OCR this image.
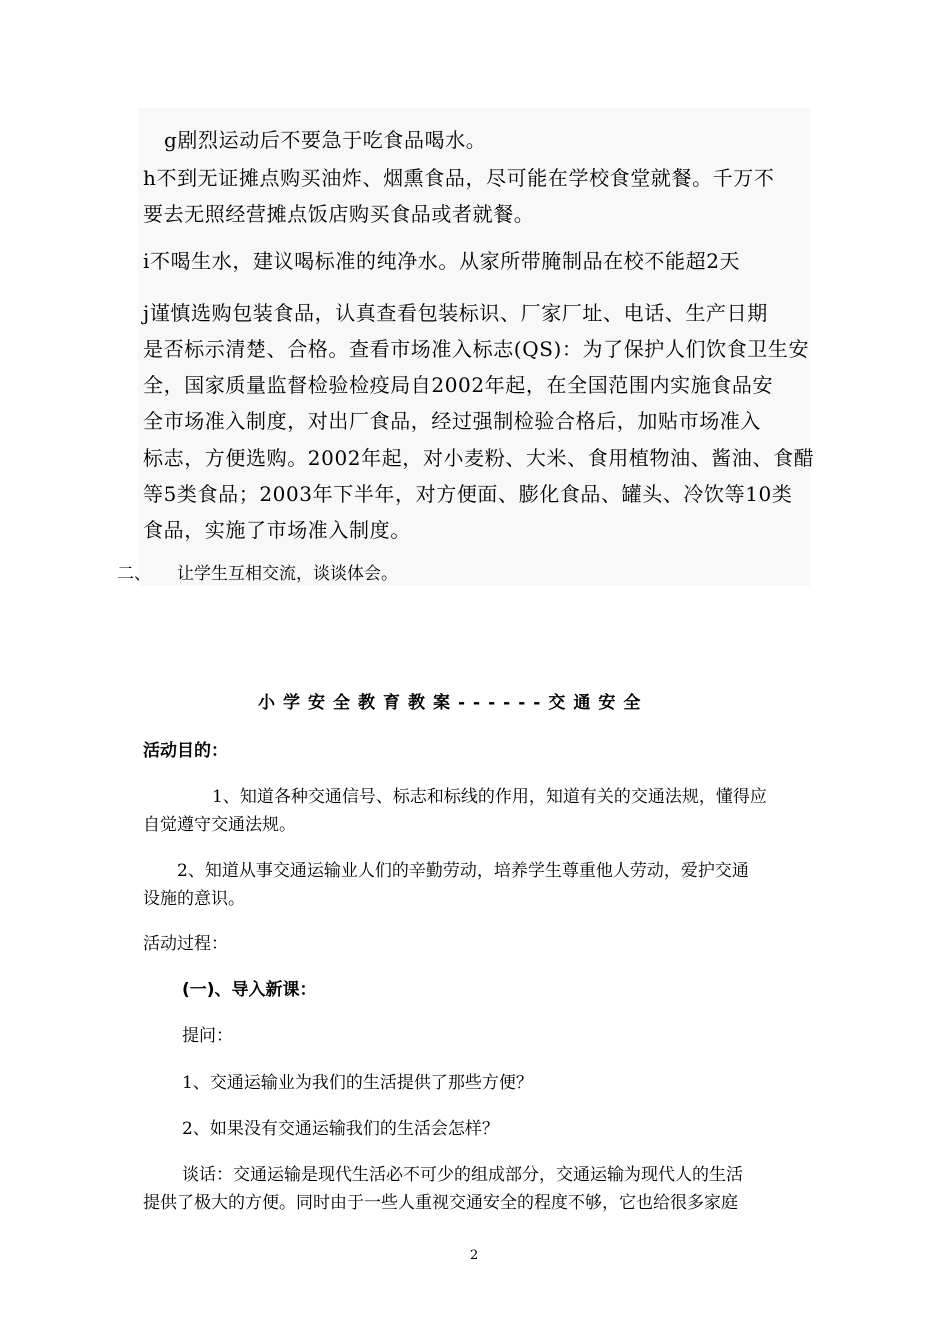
g剧烈运动后不要急于吃食品喝水。
h不到无证摊点购买油炸、烟熏食品，尽可能在学校食堂就餐。千万不
要去无照经营摊点饭店购买食品或者就餐。
i不喝生水，建议喝标准的纯净水。从家所带腌制品在校不能超2天
j谨慎选购包装食品，认真查看包装标识、厂家厂址、电话、生产日期
是否标示清楚、合格。查看市场准入标志(QS)：为了保护人们饮食卫生安
全，国家质量监督检验检疫局自2002年起，在全国范围内实施食品安
全市场准入制度，对出厂食品，经过强制检验合格后，加贴市场准入
标志，方便选购。2002年起，对小麦粉、大米、食用植物油、酱油、食醋
等5类食品；2003年下半年，对方便面、膨化食品、罐头、冷饮等10类
食品，实施了市场准入制度。
二、 让学生互相交流，谈谈体会。
小学安全教育教案------交通安全
活动目的：
1、知道各种交通信号、标志和标线的作用，知道有关的交通法规，懂得应
自觉遵守交通法规。
2、知道从事交通运输业人们的辛勤劳动，培养学生尊重他人劳动，爱护交通
设施的意识。
活动过程：
(一)、导入新课：
提问：
1、交通运输业为我们的生活提供了那些方便？
2、如果没有交通运输我们的生活会怎样？
谈话：交通运输是现代生活必不可少的组成部分，交通运输为现代人的生活
提供了极大的方便。同时由于一些人重视交通安全的程度不够，它也给很多家庭
2
